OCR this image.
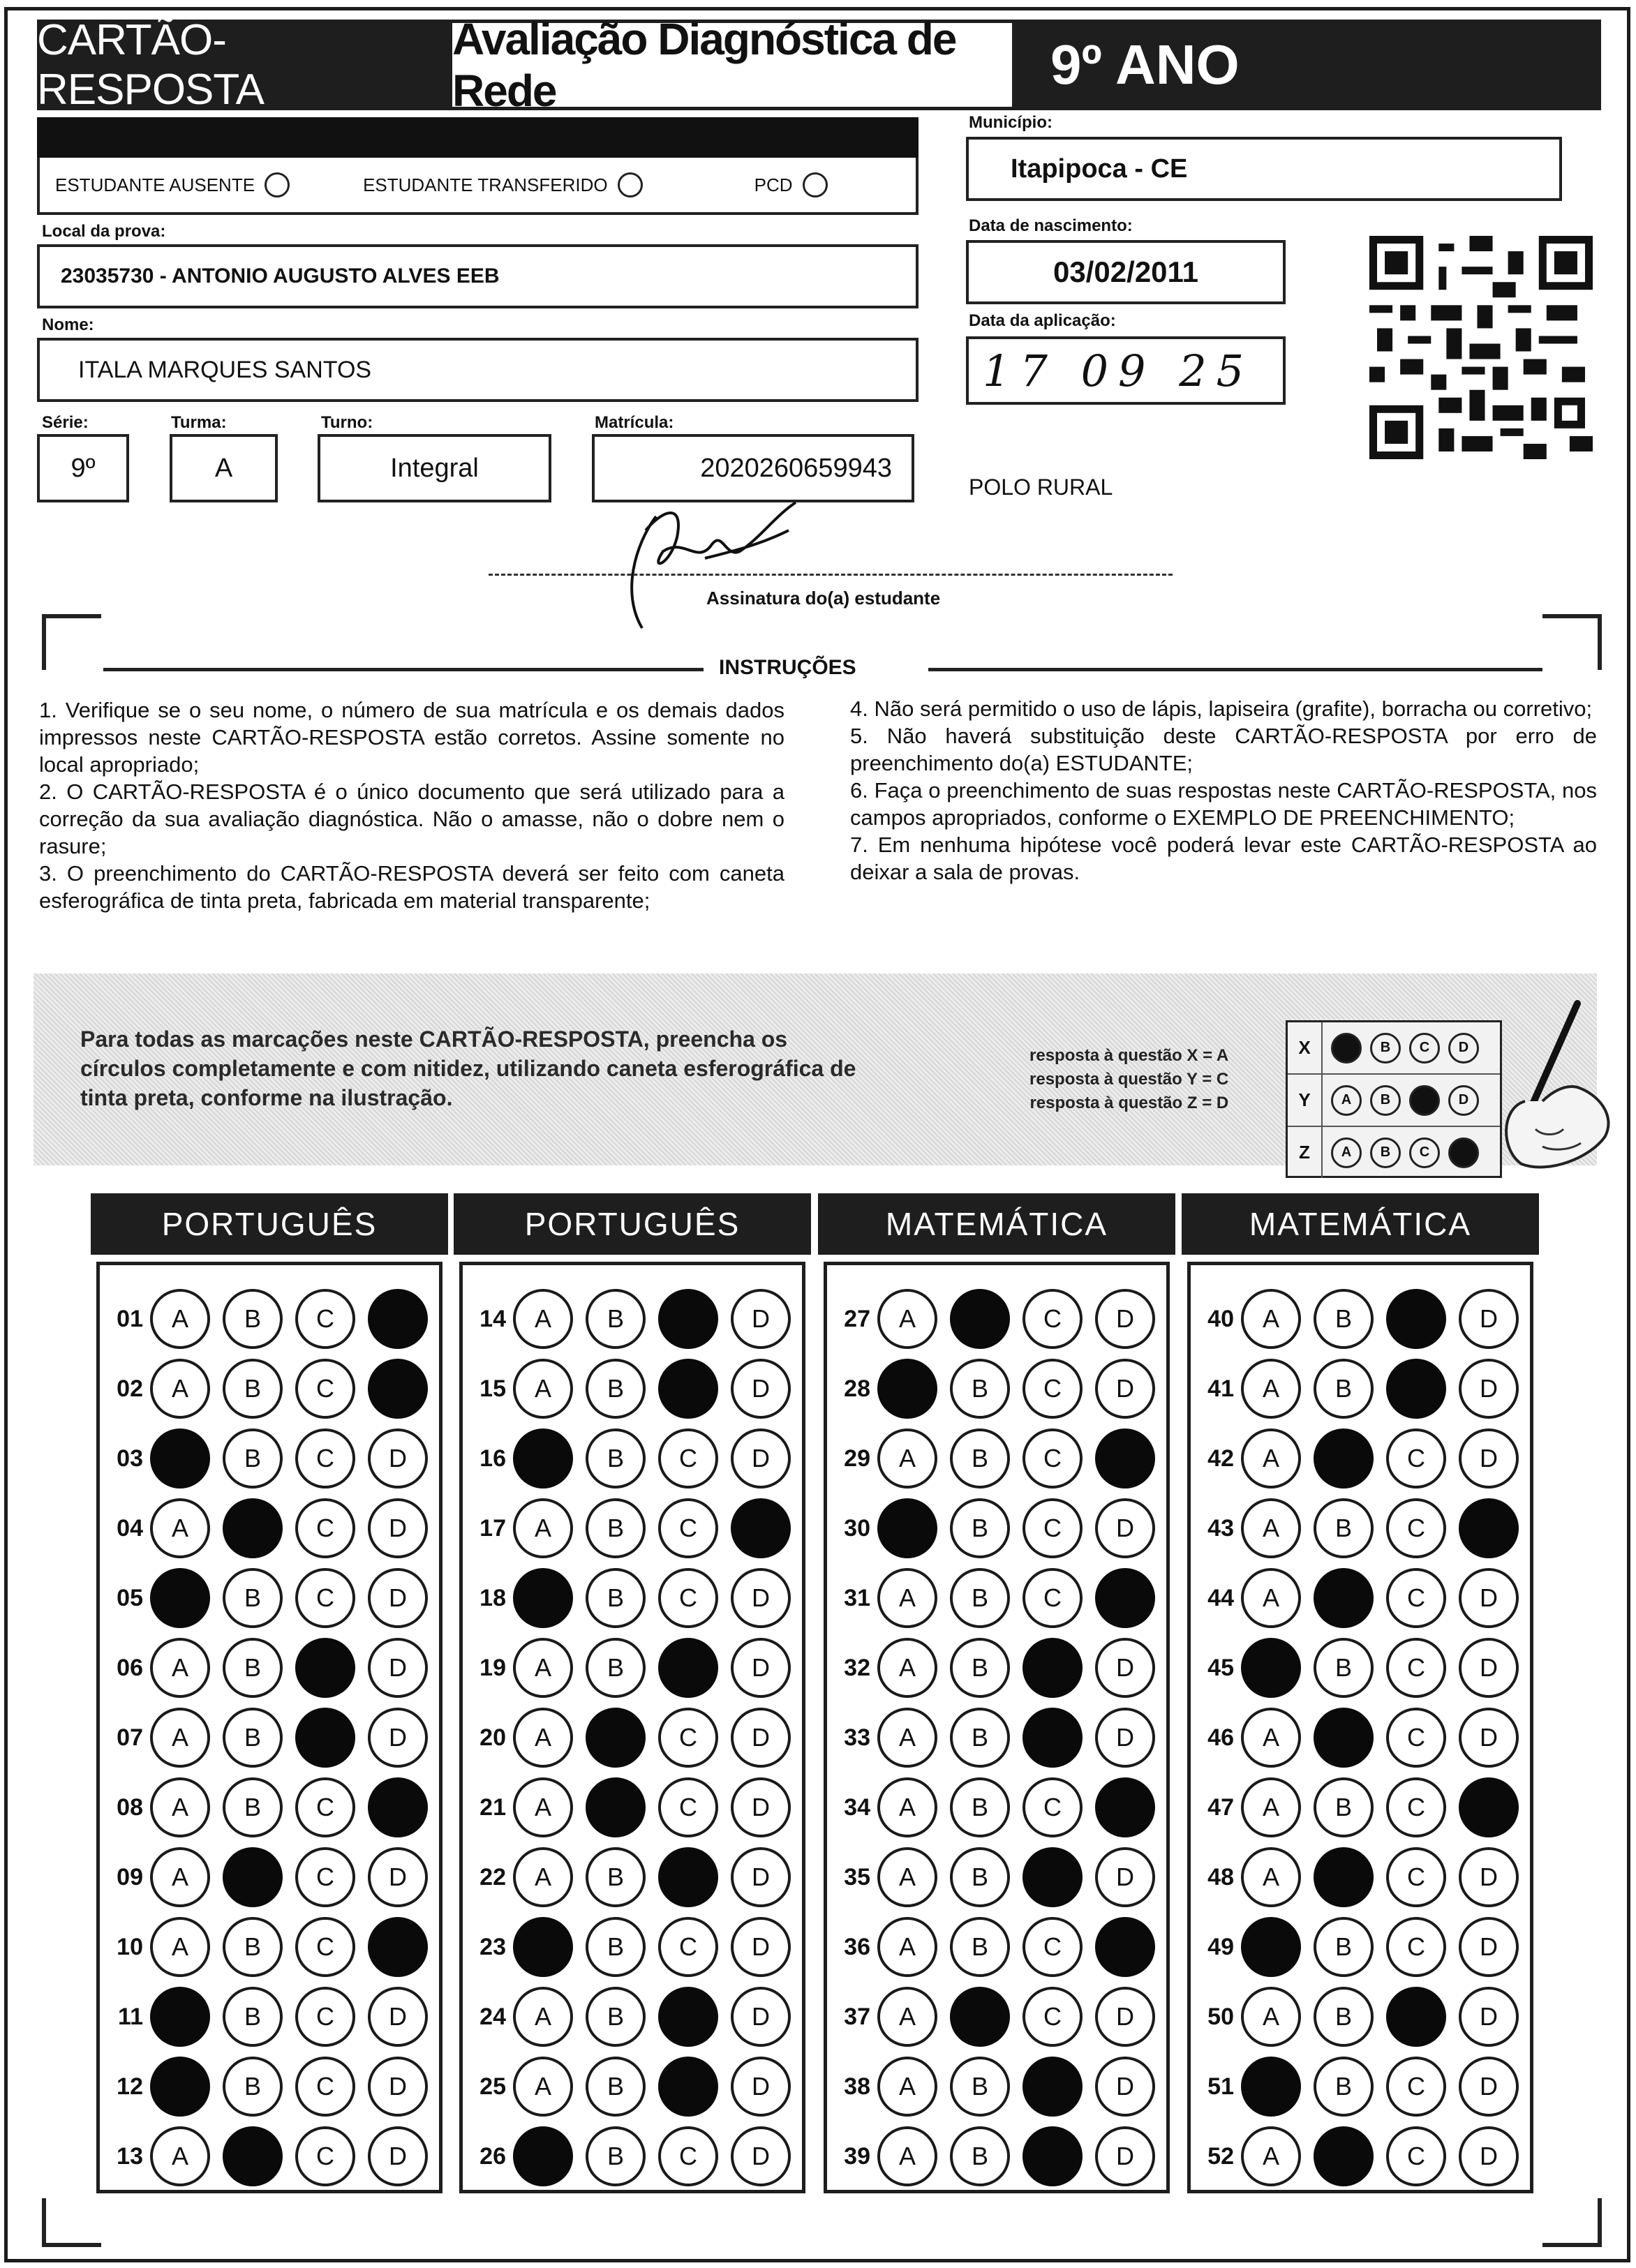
CARTÃO-RESPOSTA
Avaliação Diagnóstica de Rede	9º ANO
ESTUDANTE AUSENTE	ESTUDANTE TRANSFERIDO	PCD
Local da prova:
23035730 - ANTONIO AUGUSTO ALVES EEB
Nome:
ITALA MARQUES SANTOS
Série:
9º
Turma:
A
Turno:
Integral
Matrícula:
2020260659943
Município:
Itapipoca - CE
Data de nascimento:
03/02/2011
Data da aplicação:
17 09 25
POLO RURAL
Assinatura do(a) estudante
INSTRUÇÕES

1. Verifique se o seu nome, o número de sua matrícula e os demais dados impressos neste CARTÃO-RESPOSTA estão corretos. Assine somente no local apropriado;

2. O CARTÃO-RESPOSTA é o único documento que será utilizado para a correção da sua avaliação diagnóstica. Não o amasse, não o dobre nem o rasure;

3. O preenchimento do CARTÃO-RESPOSTA deverá ser feito com caneta esferográfica de tinta preta, fabricada em material transparente;

4. Não será permitido o uso de lápis, lapiseira (grafite), borracha ou corretivo;

5. Não haverá substituição deste CARTÃO-RESPOSTA por erro de preenchimento do(a) ESTUDANTE;

6. Faça o preenchimento de suas respostas neste CARTÃO-RESPOSTA, nos campos apropriados, conforme o EXEMPLO DE PREENCHIMENTO;

7. Em nenhuma hipótese você poderá levar este CARTÃO-RESPOSTA ao deixar a sala de provas.

Para todas as marcações neste CARTÃO-RESPOSTA, preencha os círculos completamente e com nitidez, utilizando caneta esferográfica de tinta preta, conforme na ilustração.
resposta à questão X = A
resposta à questão Y = C
resposta à questão Z = D
X	A	B	C	D
Y	A	B	C	D
Z	A	B	C	D
PORTUGUÊS
01	A	B	C	D
02	A	B	C	D
03	A	B	C	D
04	A	B	C	D
05	A	B	C	D
06	A	B	C	D
07	A	B	C	D
08	A	B	C	D
09	A	B	C	D
10	A	B	C	D
11	A	B	C	D
12	A	B	C	D
13	A	B	C	D
PORTUGUÊS
14	A	B	C	D
15	A	B	C	D
16	A	B	C	D
17	A	B	C	D
18	A	B	C	D
19	A	B	C	D
20	A	B	C	D
21	A	B	C	D
22	A	B	C	D
23	A	B	C	D
24	A	B	C	D
25	A	B	C	D
26	A	B	C	D
MATEMÁTICA
27	A	B	C	D
28	A	B	C	D
29	A	B	C	D
30	A	B	C	D
31	A	B	C	D
32	A	B	C	D
33	A	B	C	D
34	A	B	C	D
35	A	B	C	D
36	A	B	C	D
37	A	B	C	D
38	A	B	C	D
39	A	B	C	D
MATEMÁTICA
40	A	B	C	D
41	A	B	C	D
42	A	B	C	D
43	A	B	C	D
44	A	B	C	D
45	A	B	C	D
46	A	B	C	D
47	A	B	C	D
48	A	B	C	D
49	A	B	C	D
50	A	B	C	D
51	A	B	C	D
52	A	B	C	D
